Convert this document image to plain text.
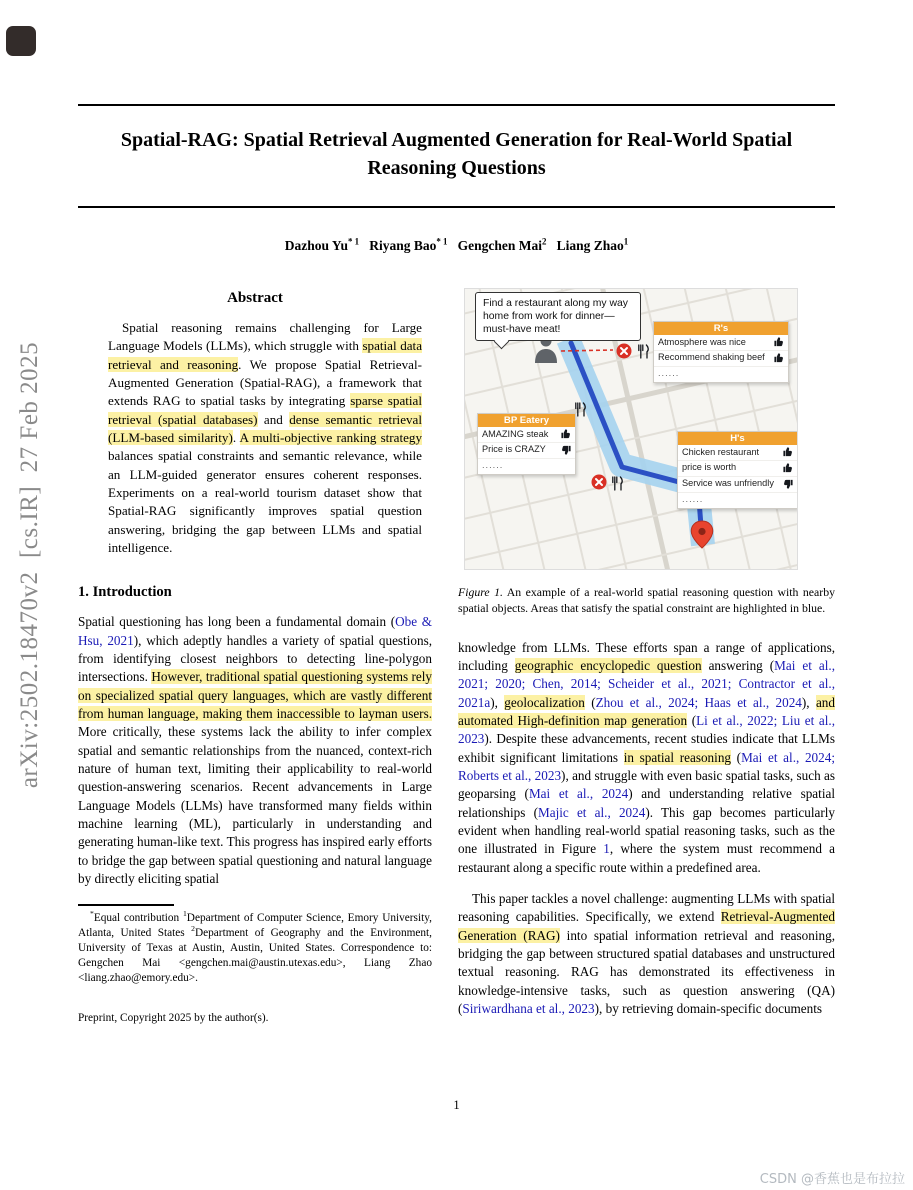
arXiv:2502.18470v2  [cs.IR]  27 Feb 2025
Spatial-RAG: Spatial Retrieval Augmented Generation for Real-World Spatial Reasoning Questions
Dazhou Yu$^{* 1}$   Riyang Bao$^{* 1}$   Gengchen Mai$^2$   Liang Zhao$^1$
Abstract

Spatial reasoning remains challenging for Large Language Models (LLMs), which struggle with spatial data retrieval and reasoning. We propose Spatial Retrieval-Augmented Generation (Spatial-RAG), a framework that extends RAG to spatial tasks by integrating sparse spatial retrieval (spatial databases) and dense semantic retrieval (LLM-based similarity). A multi-objective ranking strategy balances spatial constraints and semantic relevance, while an LLM-guided generator ensures coherent responses. Experiments on a real-world tourism dataset show that Spatial-RAG significantly improves spatial question answering, bridging the gap between LLMs and spatial intelligence.

1. Introduction

Spatial questioning has long been a fundamental domain (Obe & Hsu, 2021), which adeptly handles a variety of spatial questions, from identifying closest neighbors to detecting line-polygon intersections. However, traditional spatial questioning systems rely on specialized spatial query languages, which are vastly different from human language, making them inaccessible to layman users. More critically, these systems lack the ability to infer complex spatial and semantic relationships from the nuanced, context-rich nature of human text, limiting their applicability to real-world question-answering scenarios. Recent advancements in Large Language Models (LLMs) have transformed many fields within machine learning (ML), particularly in understanding and generating human-like text. This progress has inspired early efforts to bridge the gap between spatial questioning and natural language by directly eliciting spatial

*Equal contribution $^1$Department of Computer Science, Emory University, Atlanta, United States $^2$Department of Geography and the Environment, University of Texas at Austin, Austin, United States. Correspondence to: Gengchen Mai <gengchen.mai@austin.utexas.edu>, Liang Zhao <liang.zhao@emory.edu>.

Preprint, Copyright 2025 by the author(s).

Find a restaurant along my way home from work for dinner—must-have meat!	R's
Atmosphere was nice
Recommend shaking beef
......
BP Eatery
AMAZING steak
Price is CRAZY
......
H's
Chicken restaurant
price is worth
Service was unfriendly
......

Figure 1. An example of a real-world spatial reasoning question with nearby spatial objects. Areas that satisfy the spatial constraint are highlighted in blue.

knowledge from LLMs. These efforts span a range of applications, including geographic encyclopedic question answering (Mai et al., 2021; 2020; Chen, 2014; Scheider et al., 2021; Contractor et al., 2021a), geolocalization (Zhou et al., 2024; Haas et al., 2024), and automated High-definition map generation (Li et al., 2022; Liu et al., 2023). Despite these advancements, recent studies indicate that LLMs exhibit significant limitations in spatial reasoning (Mai et al., 2024; Roberts et al., 2023), and struggle with even basic spatial tasks, such as geoparsing (Mai et al., 2024) and understanding relative spatial relationships (Majic et al., 2024). This gap becomes particularly evident when handling real-world spatial reasoning tasks, such as the one illustrated in Figure 1, where the system must recommend a restaurant along a specific route within a predefined area.

This paper tackles a novel challenge: augmenting LLMs with spatial reasoning capabilities. Specifically, we extend Retrieval-Augmented Generation (RAG) into spatial information retrieval and reasoning, bridging the gap between structured spatial databases and unstructured textual reasoning. RAG has demonstrated its effectiveness in knowledge-intensive tasks, such as question answering (QA) (Siriwardhana et al., 2023), by retrieving domain-specific documents

1
CSDN @香蕉也是布拉拉
